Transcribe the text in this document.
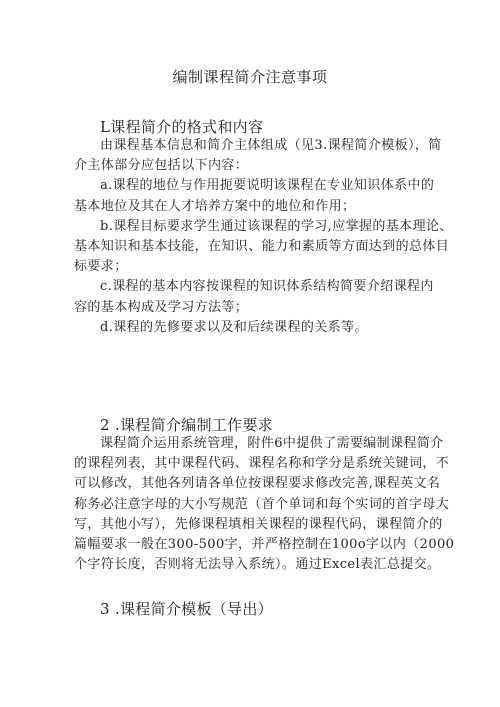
编制课程简介注意事项
L课程简介的格式和内容
由课程基本信息和简介主体组成（见3.课程简介模板），简
介主体部分应包括以下内容：
a.课程的地位与作用扼要说明该课程在专业知识体系中的
基本地位及其在人才培养方案中的地位和作用；
b.课程目标要求学生通过该课程的学习,应掌握的基本理论、
基本知识和基本技能，在知识、能力和素质等方面达到的总体目
标要求；
c.课程的基本内容按课程的知识体系结构简要介绍课程内
容的基本构成及学习方法等；
d.课程的先修要求以及和后续课程的关系等。
2 .课程简介编制工作要求
课程简介运用系统管理，附件6中提供了需要编制课程简介
的课程列表，其中课程代码、课程名称和学分是系统关键词，不
可以修改，其他各列请各单位按课程要求修改完善,课程英文名
称务必注意字母的大小写规范（首个单词和每个实词的首字母大
写，其他小写），先修课程填相关课程的课程代码，课程简介的
篇幅要求一般在300-500字，并严格控制在100o字以内（2000
个字符长度，否则将无法导入系统）。通过Excel表汇总提交。
3 .课程简介模板（导出）
